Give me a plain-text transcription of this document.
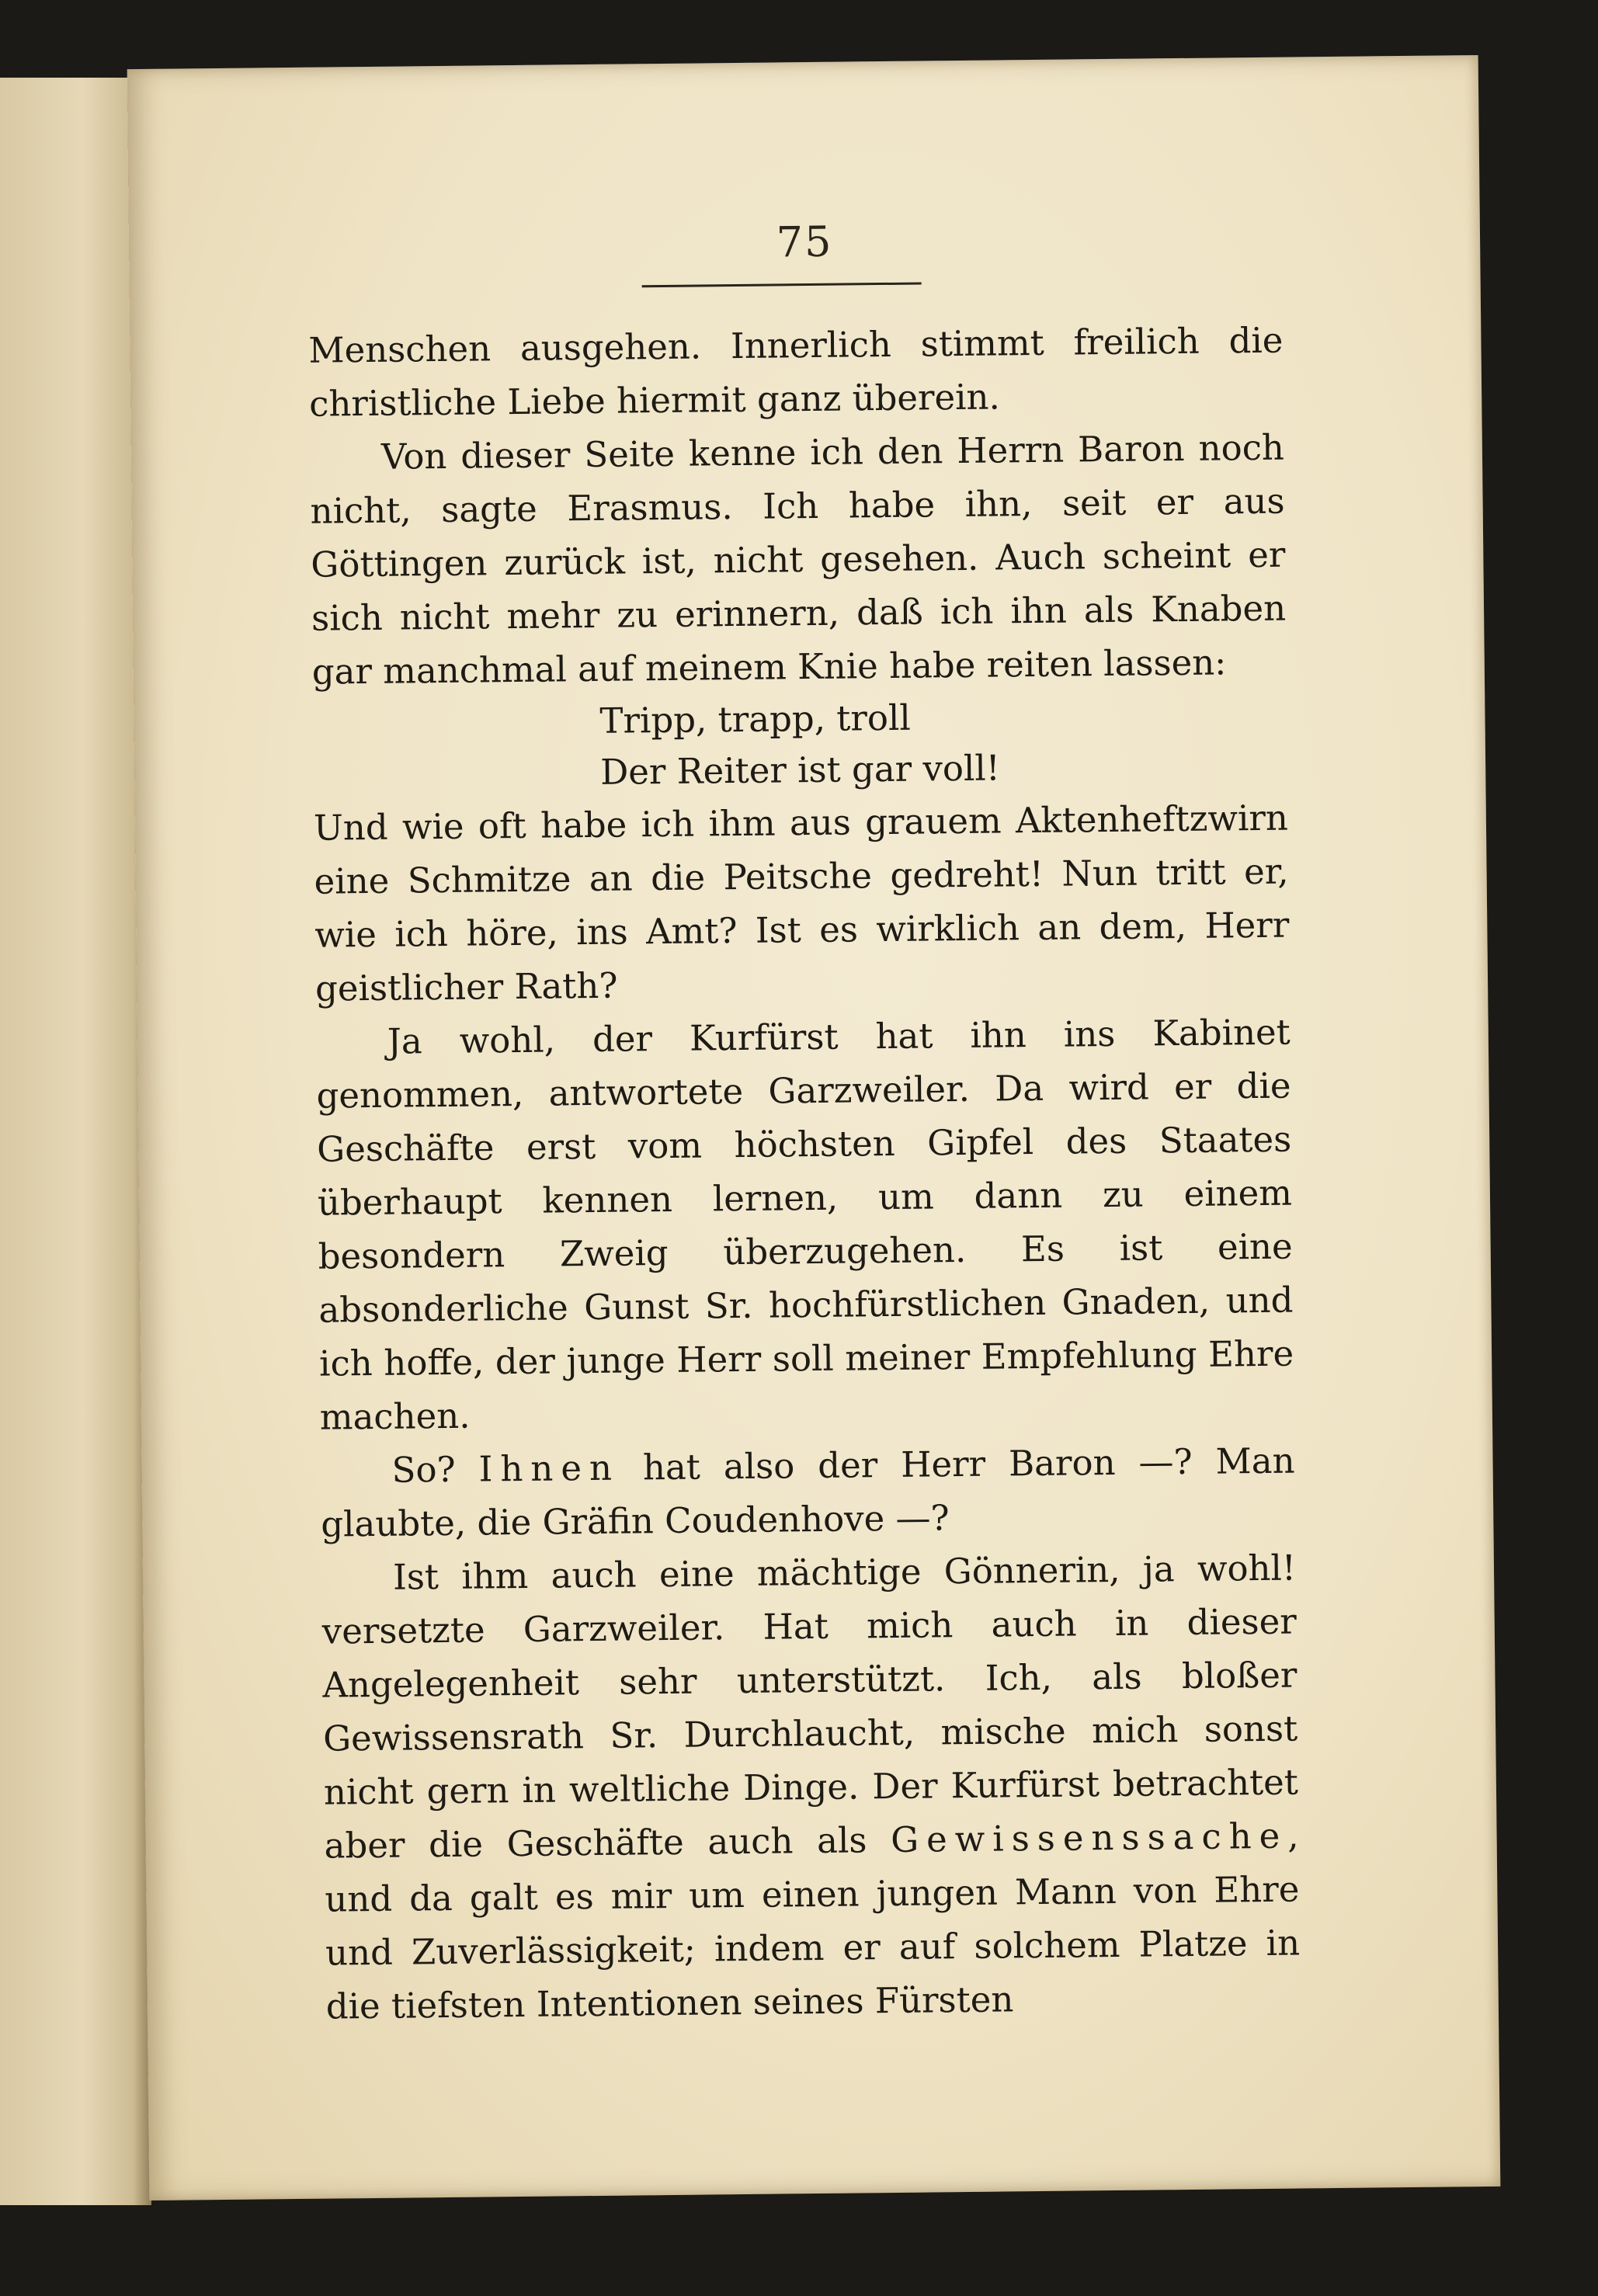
75

Menschen ausgehen. Innerlich stimmt freilich die christliche Liebe hiermit ganz überein.

Von dieser Seite kenne ich den Herrn Baron noch nicht, sagte Erasmus. Ich habe ihn, seit er aus Göttingen zurück ist, nicht gesehen. Auch scheint er sich nicht mehr zu erinnern, daß ich ihn als Knaben gar manchmal auf meinem Knie habe reiten lassen:

Tripp, trapp, troll
Der Reiter ist gar voll!

Und wie oft habe ich ihm aus grauem Aktenheftzwirn eine Schmitze an die Peitsche gedreht! Nun tritt er, wie ich höre, ins Amt? Ist es wirklich an dem, Herr geistlicher Rath?

Ja wohl, der Kurfürst hat ihn ins Kabinet genommen, antwortete Garzweiler. Da wird er die Geschäfte erst vom höchsten Gipfel des Staates überhaupt kennen lernen, um dann zu einem besondern Zweig überzugehen. Es ist eine absonderliche Gunst Sr. hochfürstlichen Gnaden, und ich hoffe, der junge Herr soll meiner Empfehlung Ehre machen.

So? Ihnen hat also der Herr Baron —? Man glaubte, die Gräfin Coudenhove —?

Ist ihm auch eine mächtige Gönnerin, ja wohl! versetzte Garzweiler. Hat mich auch in dieser Angelegenheit sehr unterstützt. Ich, als bloßer Gewissensrath Sr. Durchlaucht, mische mich sonst nicht gern in weltliche Dinge. Der Kurfürst betrachtet aber die Geschäfte auch als Gewissenssache, und da galt es mir um einen jungen Mann von Ehre und Zuverlässigkeit; indem er auf solchem Platze in die tiefsten Intentionen seines Fürsten
